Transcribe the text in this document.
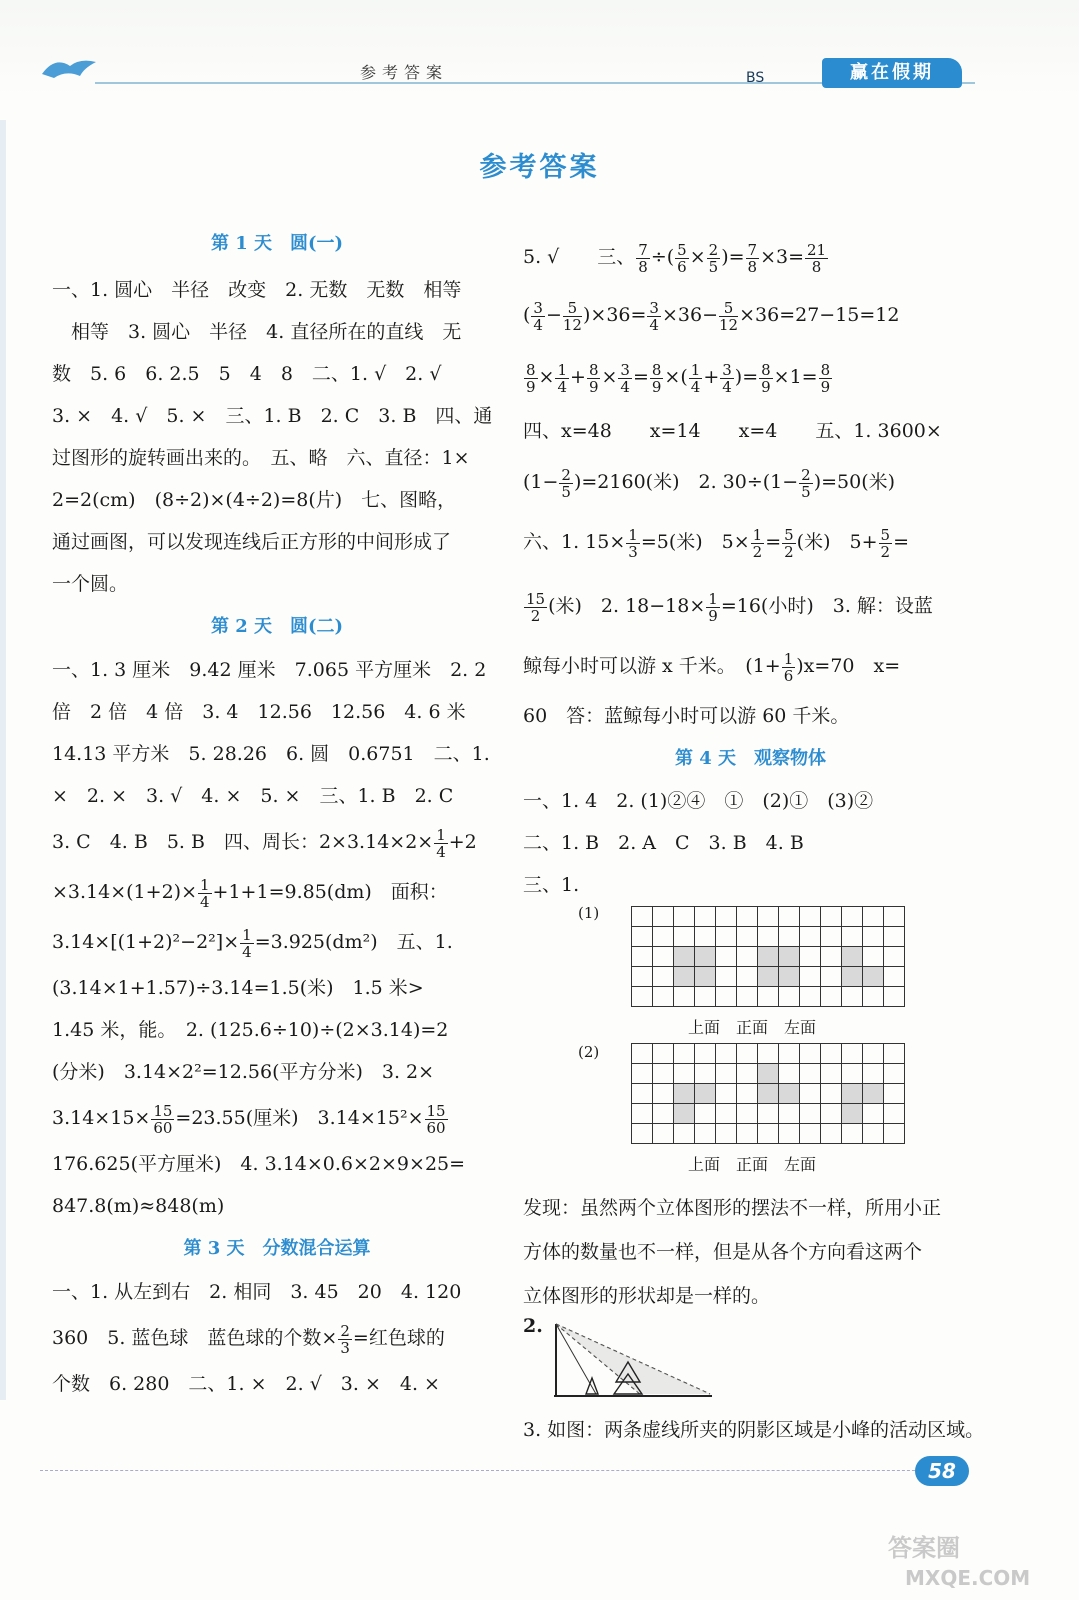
参考答案	BS	赢在假期
参考答案

第 1 天　圆(一)

一、1. 圆心　半径　改变　2. 无数　无数　相等

　相等　3. 圆心　半径　4. 直径所在的直线　无

数　5. 6　6. 2.5　5　4　8　二、1. √　2. √

3. ×　4. √　5. ×　三、1. B　2. C　3. B　四、通

过图形的旋转画出来的。　五、略　六、直径：1×

2=2(cm)　(8÷2)×(4÷2)=8(片)　七、图略，

通过画图，可以发现连线后正方形的中间形成了

一个圆。

第 2 天　圆(二)

一、1. 3 厘米　9.42 厘米　7.065 平方厘米　2. 2

倍　2 倍　4 倍　3. 4　12.56　12.56　4. 6 米

14.13 平方米　5. 28.26　6. 圆　0.6751　二、1.

×　2. ×　3. √　4. ×　5. ×　三、1. B　2. C

3. C　4. B　5. B　四、周长：$2\times 3.14\times 2\times \frac{1}{4} +2$

$\times 3.14\times(1+2)\times \frac{1}{4} +1+1=9.85(dm)$　面积：

$3.14\times[(1+2)^2-2^2]\times \frac{1}{4} =3.925(dm^2)$　五、1.

(3.14×1+1.57)÷3.14=1.5(米)　1.5 米>

1.45 米，能。　2. (125.6÷10)÷(2×3.14)=2

(分米)　3.14×2²=12.56(平方分米)　3. 2×

$3.14\times 15\times \frac{15}{60} =23.55$(厘米)　$3.14\times 15^2\times \frac{15}{60}$

176.625(平方厘米)　4. 3.14×0.6×2×9×25=

847.8(m)≈848(m)

第 3 天　分数混合运算

一、1. 从左到右　2. 相同　3. 45　20　4. 120

360　5. 蓝色球　蓝色球的个数× $\frac{2}{3}$ =红色球的

个数　6. 280　二、1. ×　2. √　3. ×　4. ×

5. √　　三、 $\frac{7}{8}$ ÷( $\frac{5}{6} \times \frac{2}{5}$ )= $\frac{7}{8} \times 3= \frac{21}{8}$

( $\frac{3}{4} - \frac{5}{12} )\times 36= \frac{3}{4} \times 36- \frac{5}{12} \times 36=27-15=12$

$\frac{8}{9} \times \frac{1}{4} + \frac{8}{9} \times \frac{3}{4} = \frac{8}{9}$ ×( $\frac{1}{4} + \frac{3}{4}$ )= $\frac{8}{9} \times 1= \frac{8}{9}$

四、x=48　　x=14　　x=4　　五、1. 3600×

$(1- \frac{2}{5} )=2160$(米)　2. $30\div(1- \frac{2}{5} )=50$(米)

六、1. $15\times \frac{1}{3} =5$(米)　$5\times \frac{1}{2} = \frac{5}{2}$ (米)　$5+ \frac{5}{2}$ =

$\frac{15}{2}$ (米)　2. $18-18\times \frac{1}{9} =16$(小时)　3. 解：设蓝

鲸每小时可以游 x 千米。　$(1+ \frac{1}{6} )x=70$　x=

60　答：蓝鲸每小时可以游 60 千米。

第 4 天　观察物体

一、1. 4　2. (1)②④　①　(2)①　(3)②

二、1. B　2. A　C　3. B　4. B

三、1.

(1)

上面　正面　左面
(2)

上面　正面　左面
发现：虽然两个立体图形的摆法不一样，所用小正
方体的数量也不一样，但是从各个方向看这两个
立体图形的形状却是一样的。
2.
3. 如图：两条虚线所夹的阴影区域是小峰的活动区域。
58
答案圈
MXQE.COM
